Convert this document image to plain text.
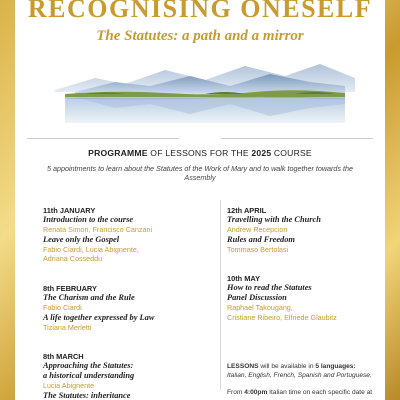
RECOGNISING ONESELF
The Statutes: a path and a mirror
PROGRAMME OF LESSONS FOR THE 2025 COURSE
5 appointments to learn about the Statutes of the Work of Mary and to walk together towards the Assembly
11th JANUARY
Introduction to the course
Renata Simon, Francisco Canzani
Leave only the Gospel
Fabio Ciardi, Lucia Abignente,
Adriana Cosseddu
8th FEBRUARY
The Charism and the Rule
Fabio Ciardi
A life together expressed by Law
Tiziana Merletti
8th MARCH
Approaching the Statutes:
a historical understanding
Lucia Abignente
The Statutes: inheritance
12th APRIL
Travelling with the Church
Andrew Recepcion
Rules and Freedom
Tommaso Bertolasi
10th MAY
How to read the Statutes
Panel Discussion
Raphael Takougang,
Cristiane Ribeiro, Elfriede Glaubitz
LESSONS will be available in 5 languages:
Italian, English, French, Spanish and Portuguese.
From 4:00pm Italian time on each specific date at
